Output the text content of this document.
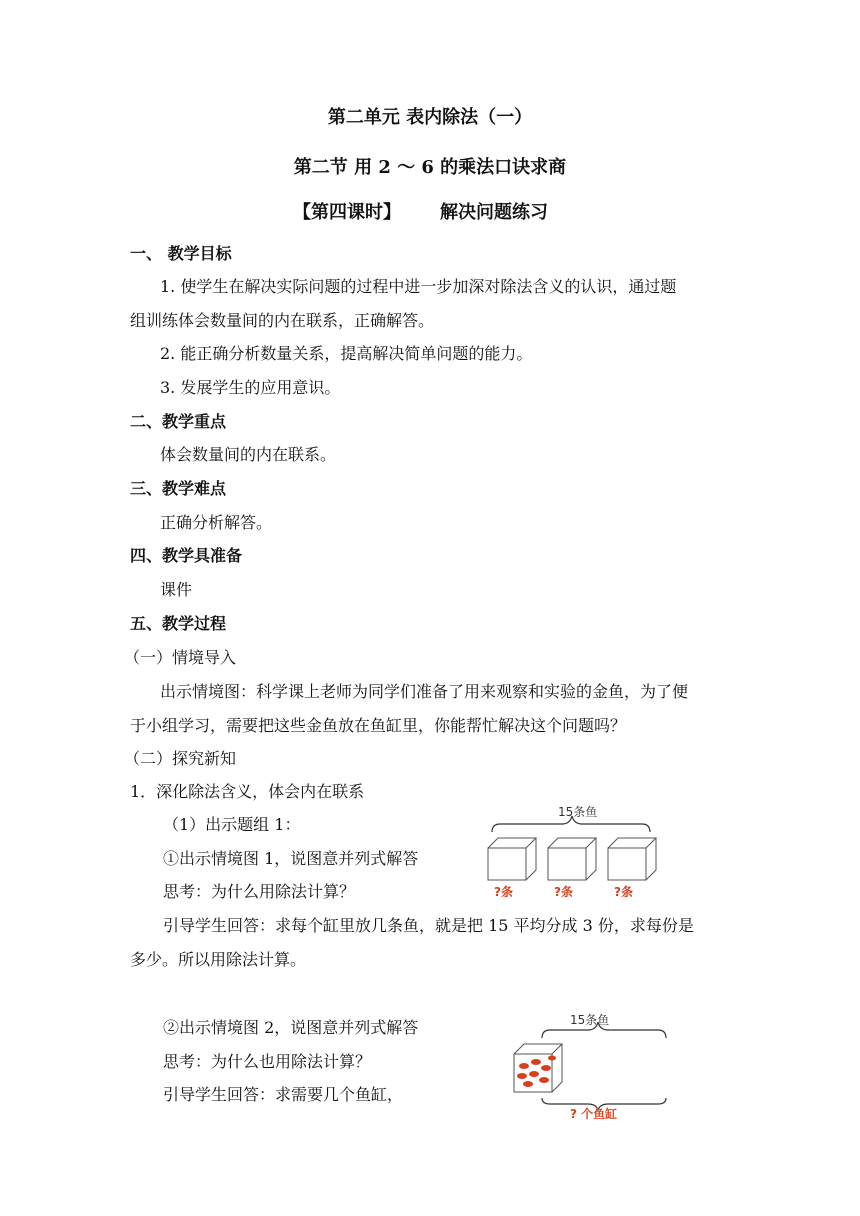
第二单元 表内除法（一）
第二节 用 2 ～ 6 的乘法口诀求商
【第四课时】 解决问题练习
一、 教学目标
1. 使学生在解决实际问题的过程中进一步加深对除法含义的认识，通过题
组训练体会数量间的内在联系，正确解答。
2. 能正确分析数量关系，提高解决简单问题的能力。
3. 发展学生的应用意识。
二、教学重点
体会数量间的内在联系。
三、教学难点
正确分析解答。
四、教学具准备
课件
五、教学过程
（一）情境导入
出示情境图：科学课上老师为同学们准备了用来观察和实验的金鱼，为了便
于小组学习，需要把这些金鱼放在鱼缸里，你能帮忙解决这个问题吗？
（二）探究新知
1．深化除法含义，体会内在联系
（1）出示题组 1：
①出示情境图 1，说图意并列式解答
思考：为什么用除法计算？
引导学生回答：求每个缸里放几条鱼，就是把 15 平均分成 3 份，求每份是
多少。所以用除法计算。
②出示情境图 2，说图意并列式解答
思考：为什么也用除法计算？
引导学生回答：求需要几个鱼缸，
15条鱼
?条	?条	?条
15条鱼
? 个鱼缸
